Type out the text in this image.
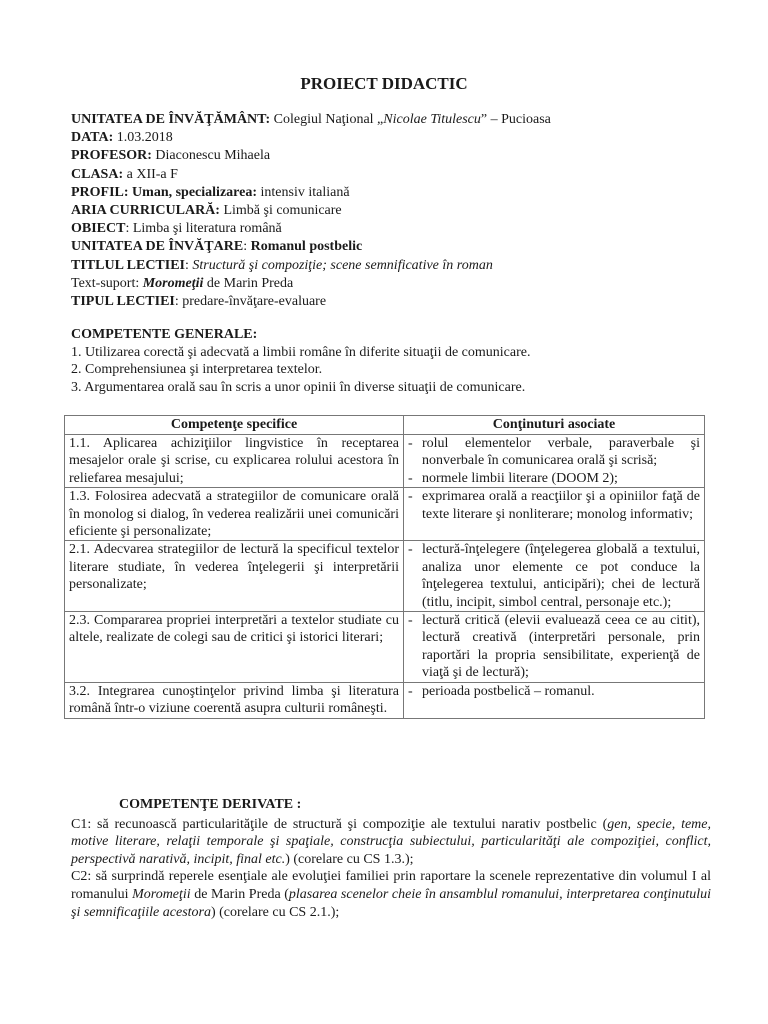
PROIECT DIDACTIC
UNITATEA DE ÎNVĂŢĂMÂNT: Colegiul Naţional „Nicolae Titulescu” – Pucioasa
DATA: 1.03.2018
PROFESOR: Diaconescu Mihaela
CLASA: a XII-a F
PROFIL: Uman, specializarea: intensiv italiană
ARIA CURRICULARĂ: Limbă şi comunicare
OBIECT: Limba şi literatura română
UNITATEA DE ÎNVĂŢARE: Romanul postbelic
TITLUL LECTIEI: Structură şi compoziţie; scene semnificative în roman
Text-suport: Moromeţii de Marin Preda
TIPUL LECTIEI: predare-învăţare-evaluare
COMPETENTE GENERALE:
1. Utilizarea corectă şi adecvată a limbii române în diferite situaţii de comunicare.
2. Comprehensiunea şi interpretarea textelor.
3. Argumentarea orală sau în scris a unor opinii în diverse situaţii de comunicare.
Competenţe specifice	Conţinuturi asociate
1.1. Aplicarea achiziţiilor lingvistice în receptarea mesajelor orale şi scrise, cu explicarea rolului acestora în reliefarea mesajului;	- rolul elementelor verbale, paraverbale şi nonverbale în comunicarea orală şi scrisă;
- normele limbii literare (DOOM 2);

1.3. Folosirea adecvată a strategiilor de comunicare orală în monolog si dialog, în vederea realizării unei comunicări eficiente şi personalizate;	- exprimarea orală a reacţiilor şi a opiniilor faţă de texte literare şi nonliterare; monolog informativ;

2.1. Adecvarea strategiilor de lectură la specificul textelor literare studiate, în vederea înţelegerii şi interpretării personalizate;	- lectură-înţelegere (înţelegerea globală a textului, analiza unor elemente ce pot conduce la înţelegerea textului, anticipări); chei de lectură (titlu, incipit, simbol central, personaje etc.);

2.3. Compararea propriei interpretări a textelor studiate cu altele, realizate de colegi sau de critici şi istorici literari;	- lectură critică (elevii evaluează ceea ce au citit), lectură creativă (interpretări personale, prin raportări la propria sensibilitate, experienţă de viaţă şi de lectură);

3.2. Integrarea cunoştinţelor privind limba şi literatura română într-o viziune coerentă asupra culturii româneşti.	- perioada postbelică – romanul.
COMPETENŢE DERIVATE :

C1: să recunoască particularităţile de structură şi compoziţie ale textului narativ postbelic (gen, specie, teme, motive literare, relaţii temporale şi spaţiale, construcţia subiectului, particularităţi ale compoziţiei, conflict, perspectivă narativă, incipit, final etc.) (corelare cu CS 1.3.);

C2: să surprindă reperele esenţiale ale evoluţiei familiei prin raportare la scenele reprezentative din volumul I al romanului Moromeţii de Marin Preda (plasarea scenelor cheie în ansamblul romanului, interpretarea conţinutului şi semnificaţiile acestora) (corelare cu CS 2.1.);
